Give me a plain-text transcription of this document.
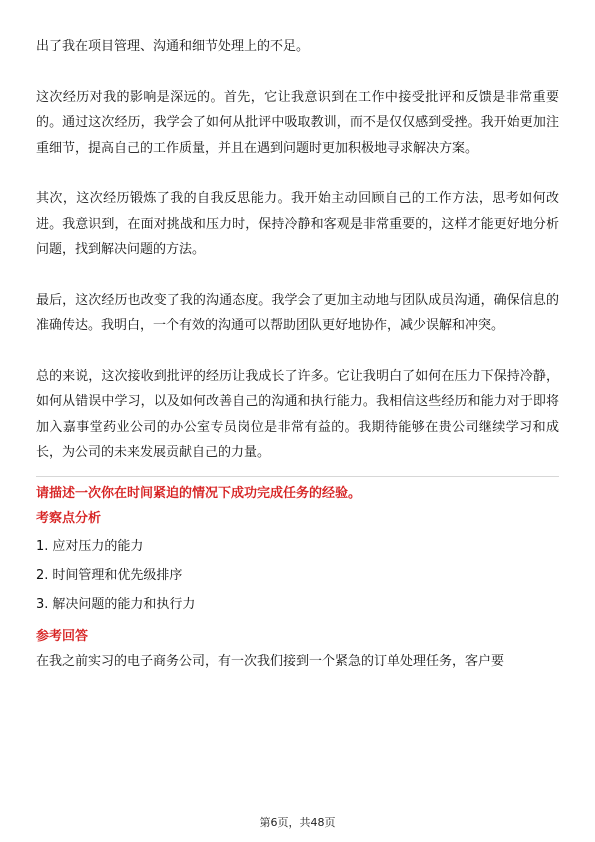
出了我在项目管理、沟通和细节处理上的不足。

这次经历对我的影响是深远的。首先，它让我意识到在工作中接受批评和反馈是非常重要的。通过这次经历，我学会了如何从批评中吸取教训，而不是仅仅感到受挫。我开始更加注重细节，提高自己的工作质量，并且在遇到问题时更加积极地寻求解决方案。

其次，这次经历锻炼了我的自我反思能力。我开始主动回顾自己的工作方法，思考如何改进。我意识到，在面对挑战和压力时，保持冷静和客观是非常重要的，这样才能更好地分析问题，找到解决问题的方法。

最后，这次经历也改变了我的沟通态度。我学会了更加主动地与团队成员沟通，确保信息的准确传达。我明白，一个有效的沟通可以帮助团队更好地协作，减少误解和冲突。

总的来说，这次接收到批评的经历让我成长了许多。它让我明白了如何在压力下保持冷静，如何从错误中学习，以及如何改善自己的沟通和执行能力。我相信这些经历和能力对于即将加入嘉事堂药业公司的办公室专员岗位是非常有益的。我期待能够在贵公司继续学习和成长，为公司的未来发展贡献自己的力量。

请描述一次你在时间紧迫的情况下成功完成任务的经验。
考察点分析
1. 应对压力的能力
2. 时间管理和优先级排序
3. 解决问题的能力和执行力
参考回答

在我之前实习的电子商务公司，有一次我们接到一个紧急的订单处理任务，客户要

第6页，共48页
